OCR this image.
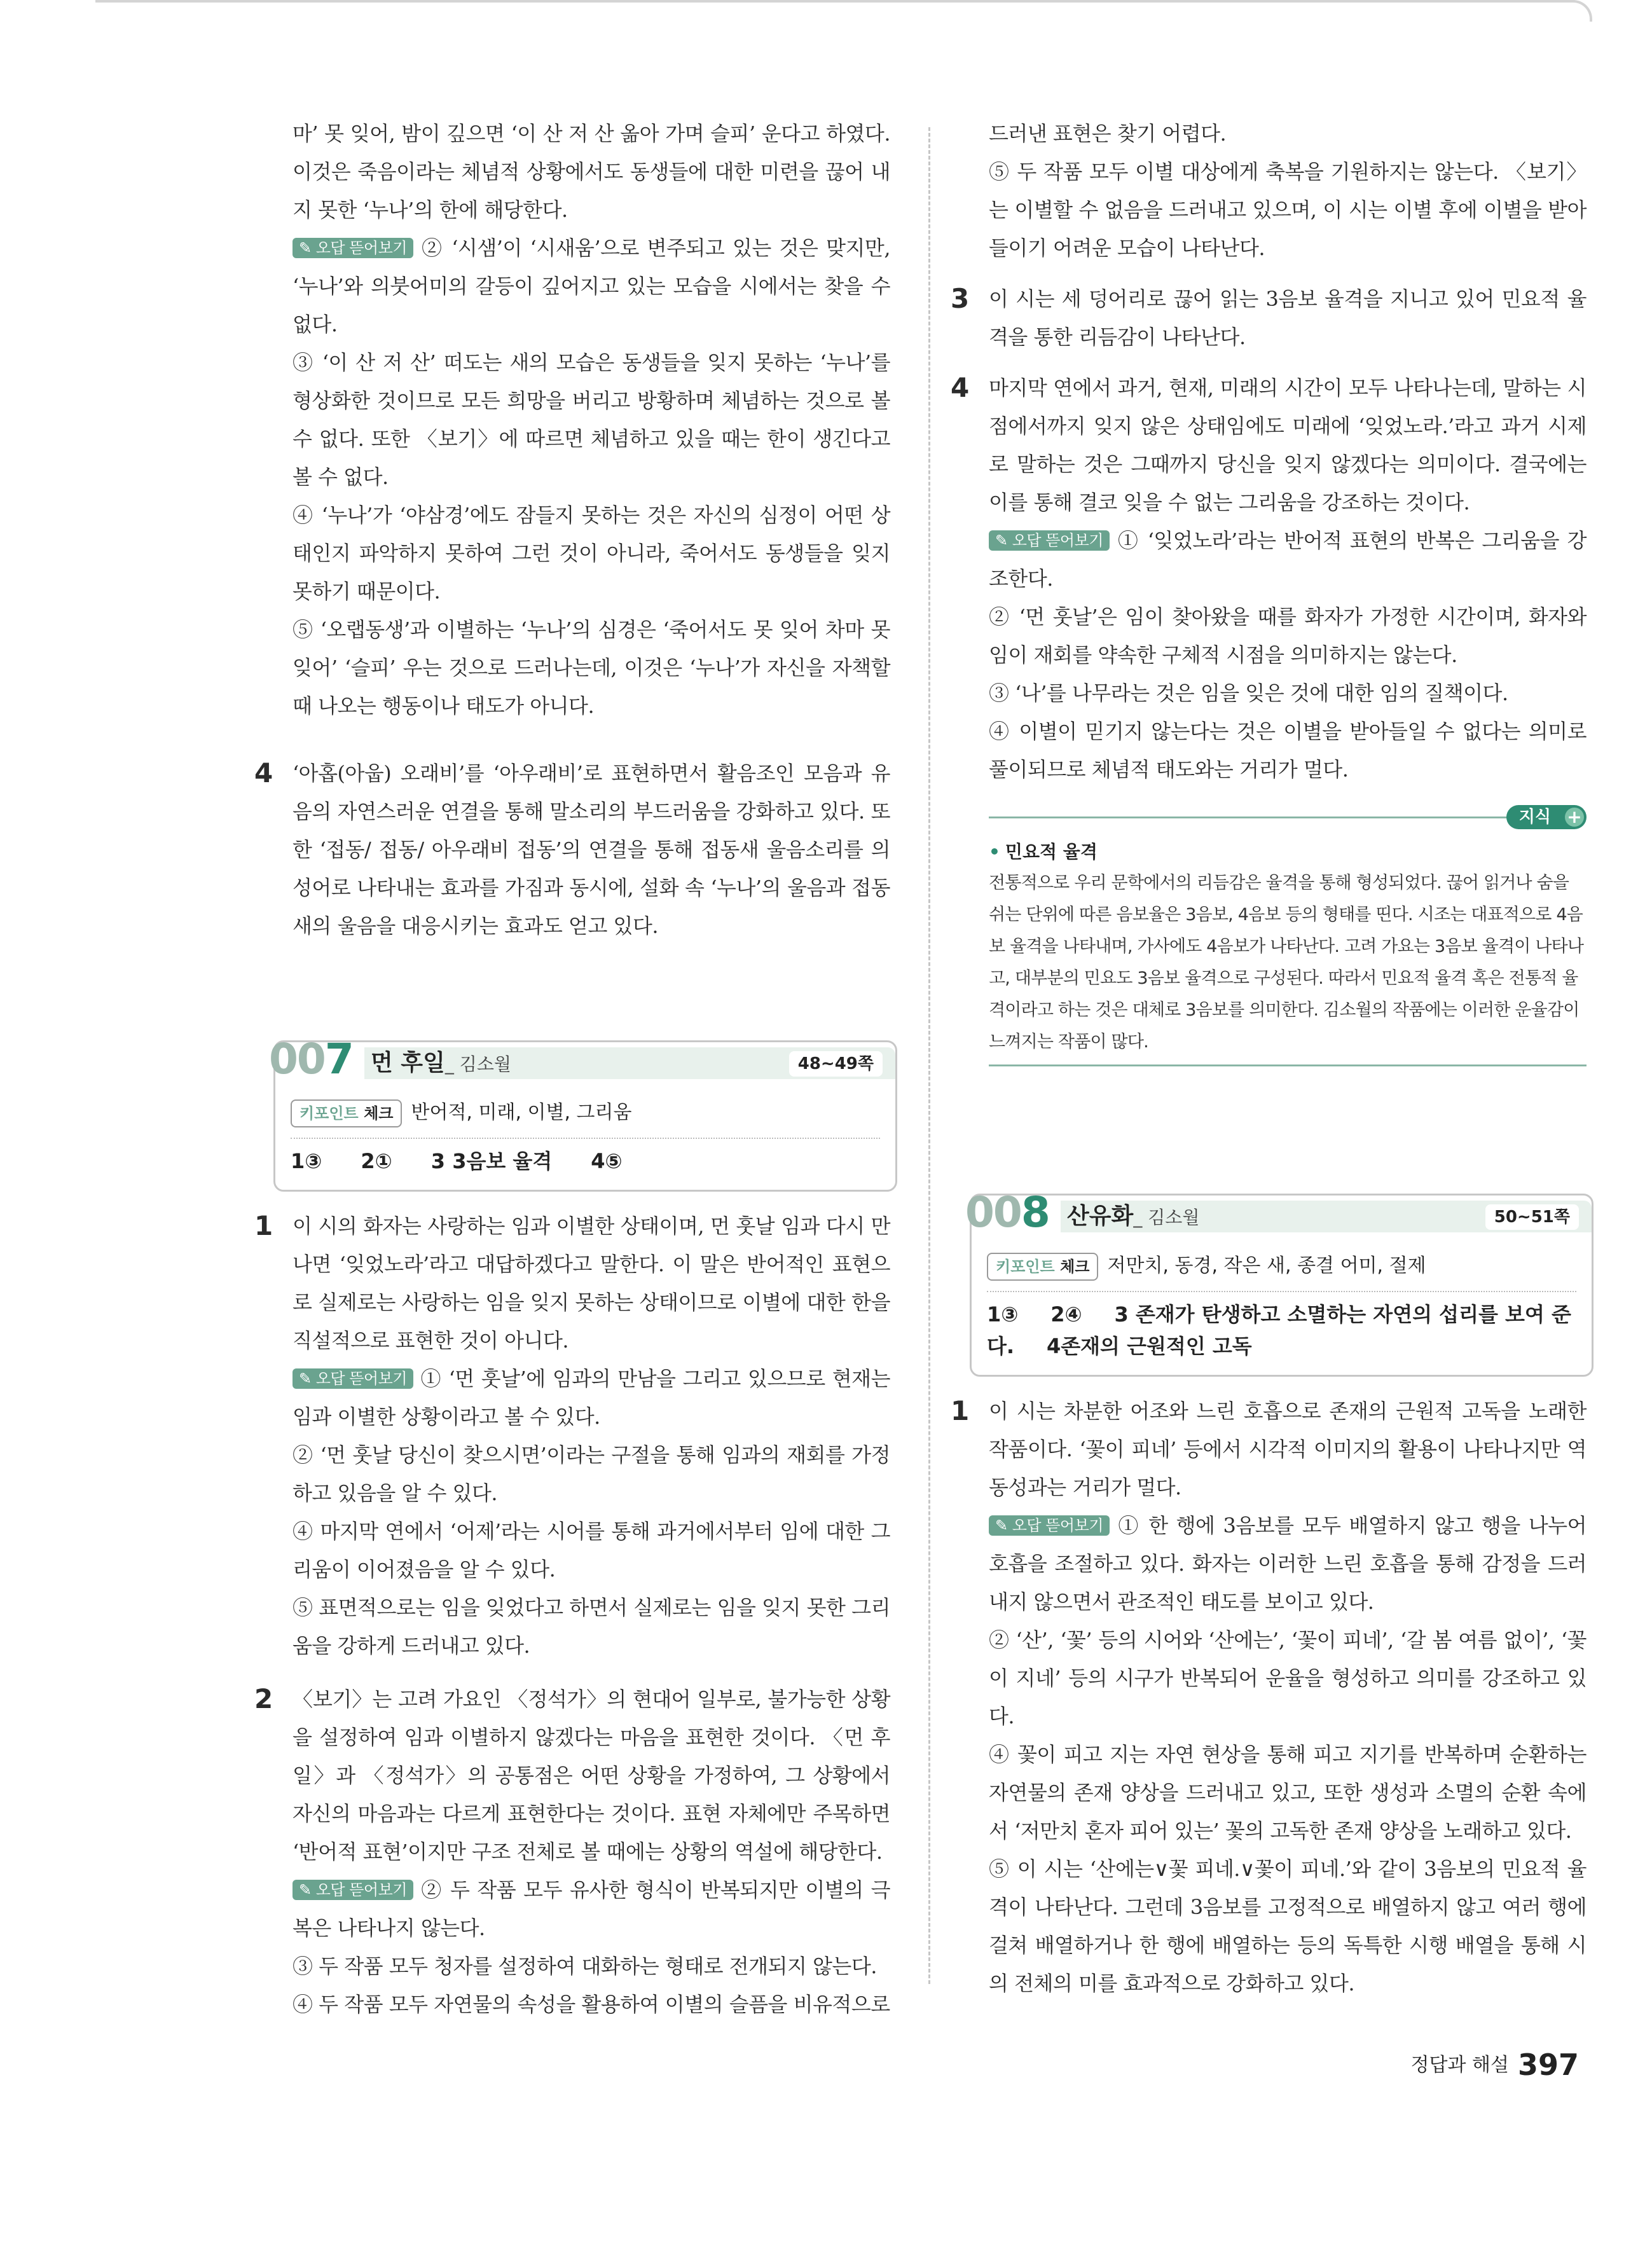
마’ 못 잊어, 밤이 깊으면 ‘이 산 저 산 옮아 가며 슬피’ 운다고 하였다. 이것은 죽음이라는 체념적 상황에서도 동생들에 대한 미련을 끊어 내지 못한 ‘누나’의 한에 해당한다.

✎ 오답 뜯어보기 ② ‘시샘’이 ‘시새움’으로 변주되고 있는 것은 맞지만, ‘누나’와 의붓어미의 갈등이 깊어지고 있는 모습을 시에서는 찾을 수 없다.

③ ‘이 산 저 산’ 떠도는 새의 모습은 동생들을 잊지 못하는 ‘누나’를 형상화한 것이므로 모든 희망을 버리고 방황하며 체념하는 것으로 볼 수 없다. 또한 〈보기〉에 따르면 체념하고 있을 때는 한이 생긴다고 볼 수 없다.

④ ‘누나’가 ‘야삼경’에도 잠들지 못하는 것은 자신의 심정이 어떤 상태인지 파악하지 못하여 그런 것이 아니라, 죽어서도 동생들을 잊지 못하기 때문이다.

⑤ ‘오랩동생’과 이별하는 ‘누나’의 심경은 ‘죽어서도 못 잊어 차마 못 잊어’ ‘슬피’ 우는 것으로 드러나는데, 이것은 ‘누나’가 자신을 자책할 때 나오는 행동이나 태도가 아니다.

4 ‘아홉(아웁) 오래비’를 ‘아우래비’로 표현하면서 활음조인 모음과 유음의 자연스러운 연결을 통해 말소리의 부드러움을 강화하고 있다. 또한 ‘접동/ 접동/ 아우래비 접동’의 연결을 통해 접동새 울음소리를 의성어로 나타내는 효과를 가짐과 동시에, 설화 속 ‘누나’의 울음과 접동새의 울음을 대응시키는 효과도 얻고 있다.

007 먼 후일_ 김소월	48~49쪽
키포인트 체크 반어적, 미래, 이별, 그리움
1③ 2① 3 3음보 율격 4⑤
1 이 시의 화자는 사랑하는 임과 이별한 상태이며, 먼 훗날 임과 다시 만나면 ‘잊었노라’라고 대답하겠다고 말한다. 이 말은 반어적인 표현으로 실제로는 사랑하는 임을 잊지 못하는 상태이므로 이별에 대한 한을 직설적으로 표현한 것이 아니다.

✎ 오답 뜯어보기 ① ‘먼 훗날’에 임과의 만남을 그리고 있으므로 현재는 임과 이별한 상황이라고 볼 수 있다.

② ‘먼 훗날 당신이 찾으시면’이라는 구절을 통해 임과의 재회를 가정하고 있음을 알 수 있다.

④ 마지막 연에서 ‘어제’라는 시어를 통해 과거에서부터 임에 대한 그리움이 이어졌음을 알 수 있다.

⑤ 표면적으로는 임을 잊었다고 하면서 실제로는 임을 잊지 못한 그리움을 강하게 드러내고 있다.

2 〈보기〉는 고려 가요인 〈정석가〉의 현대어 일부로, 불가능한 상황을 설정하여 임과 이별하지 않겠다는 마음을 표현한 것이다. 〈먼 후일〉과 〈정석가〉의 공통점은 어떤 상황을 가정하여, 그 상황에서 자신의 마음과는 다르게 표현한다는 것이다. 표현 자체에만 주목하면 ‘반어적 표현’이지만 구조 전체로 볼 때에는 상황의 역설에 해당한다.

✎ 오답 뜯어보기 ② 두 작품 모두 유사한 형식이 반복되지만 이별의 극복은 나타나지 않는다.

③ 두 작품 모두 청자를 설정하여 대화하는 형태로 전개되지 않는다.

④ 두 작품 모두 자연물의 속성을 활용하여 이별의 슬픔을 비유적으로

드러낸 표현은 찾기 어렵다.

⑤ 두 작품 모두 이별 대상에게 축복을 기원하지는 않는다. 〈보기〉는 이별할 수 없음을 드러내고 있으며, 이 시는 이별 후에 이별을 받아들이기 어려운 모습이 나타난다.

3 이 시는 세 덩어리로 끊어 읽는 3음보 율격을 지니고 있어 민요적 율격을 통한 리듬감이 나타난다.

4 마지막 연에서 과거, 현재, 미래의 시간이 모두 나타나는데, 말하는 시점에서까지 잊지 않은 상태임에도 미래에 ‘잊었노라.’라고 과거 시제로 말하는 것은 그때까지 당신을 잊지 않겠다는 의미이다. 결국에는 이를 통해 결코 잊을 수 없는 그리움을 강조하는 것이다.

✎ 오답 뜯어보기 ① ‘잊었노라’라는 반어적 표현의 반복은 그리움을 강조한다.

② ‘먼 훗날’은 임이 찾아왔을 때를 화자가 가정한 시간이며, 화자와 임이 재회를 약속한 구체적 시점을 의미하지는 않는다.

③ ‘나’를 나무라는 것은 임을 잊은 것에 대한 임의 질책이다.

④ 이별이 믿기지 않는다는 것은 이별을 받아들일 수 없다는 의미로 풀이되므로 체념적 태도와는 거리가 멀다.

지식 +
• 민요적 율격
전통적으로 우리 문학에서의 리듬감은 율격을 통해 형성되었다. 끊어 읽거나 숨을 쉬는 단위에 따른 음보율은 3음보, 4음보 등의 형태를 띤다. 시조는 대표적으로 4음보 율격을 나타내며, 가사에도 4음보가 나타난다. 고려 가요는 3음보 율격이 나타나고, 대부분의 민요도 3음보 율격으로 구성된다. 따라서 민요적 율격 혹은 전통적 율격이라고 하는 것은 대체로 3음보를 의미한다. 김소월의 작품에는 이러한 운율감이 느껴지는 작품이 많다.
008 산유화_ 김소월	50~51쪽
키포인트 체크 저만치, 동경, 작은 새, 종결 어미, 절제
1③ 2④ 3 존재가 탄생하고 소멸하는 자연의 섭리를 보여 준다. 4존재의 근원적인 고독
1 이 시는 차분한 어조와 느린 호흡으로 존재의 근원적 고독을 노래한 작품이다. ‘꽃이 피네’ 등에서 시각적 이미지의 활용이 나타나지만 역동성과는 거리가 멀다.

✎ 오답 뜯어보기 ① 한 행에 3음보를 모두 배열하지 않고 행을 나누어 호흡을 조절하고 있다. 화자는 이러한 느린 호흡을 통해 감정을 드러내지 않으면서 관조적인 태도를 보이고 있다.

② ‘산’, ‘꽃’ 등의 시어와 ‘산에는’, ‘꽃이 피네’, ‘갈 봄 여름 없이’, ‘꽃이 지네’ 등의 시구가 반복되어 운율을 형성하고 의미를 강조하고 있다.

④ 꽃이 피고 지는 자연 현상을 통해 피고 지기를 반복하며 순환하는 자연물의 존재 양상을 드러내고 있고, 또한 생성과 소멸의 순환 속에서 ‘저만치 혼자 피어 있는’ 꽃의 고독한 존재 양상을 노래하고 있다.

⑤ 이 시는 ‘산에는∨꽃 피네.∨꽃이 피네.’와 같이 3음보의 민요적 율격이 나타난다. 그런데 3음보를 고정적으로 배열하지 않고 여러 행에 걸쳐 배열하거나 한 행에 배열하는 등의 독특한 시행 배열을 통해 시의 전체의 미를 효과적으로 강화하고 있다.

정답과 해설 397
